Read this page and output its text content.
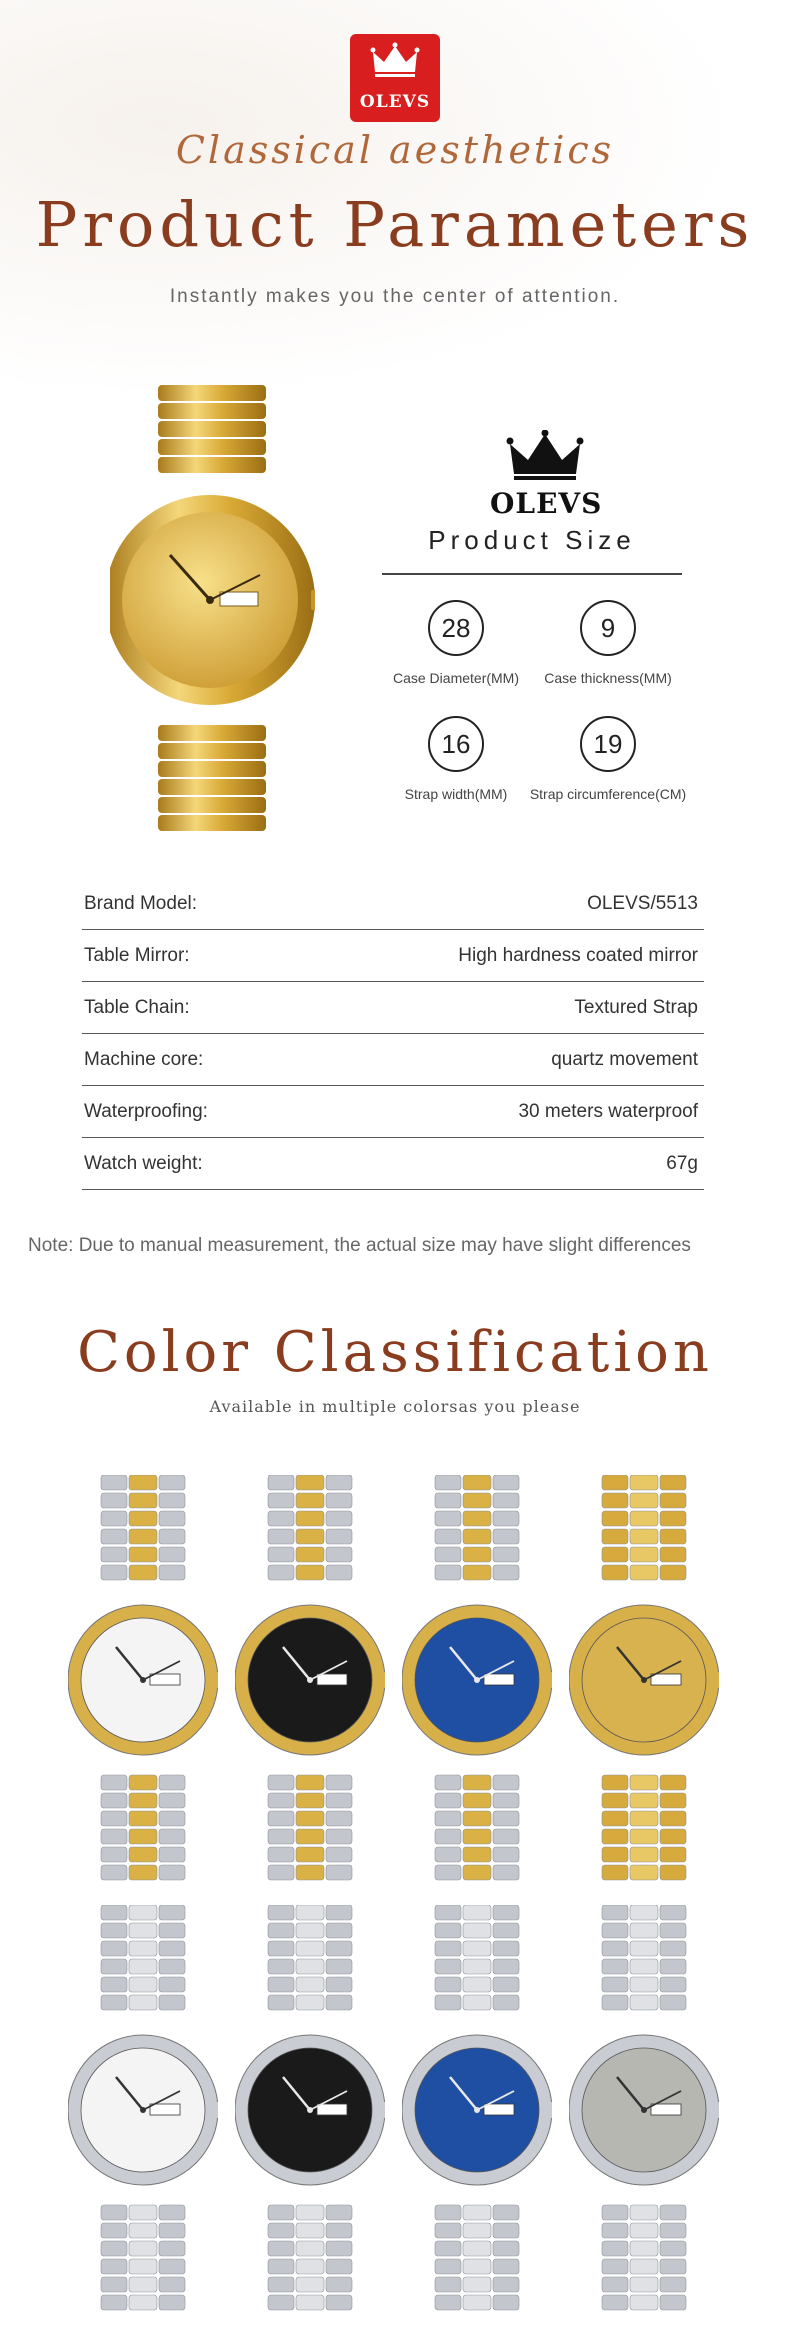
OLEVS
Classical aesthetics
Product Parameters
Instantly makes you the center of attention.
OLEVS
Product Size
28
Case Diameter(MM)
9
Case thickness(MM)
16
Strap width(MM)
19
Strap circumference(CM)
Brand Model:	OLEVS/5513
Table Mirror:	High hardness coated mirror
Table Chain:	Textured Strap
Machine core:	quartz movement
Waterproofing:	30 meters waterproof
Watch weight:	67g
Note: Due to manual measurement, the actual size may have slight differences
Color Classification
Available in multiple colorsas you please
